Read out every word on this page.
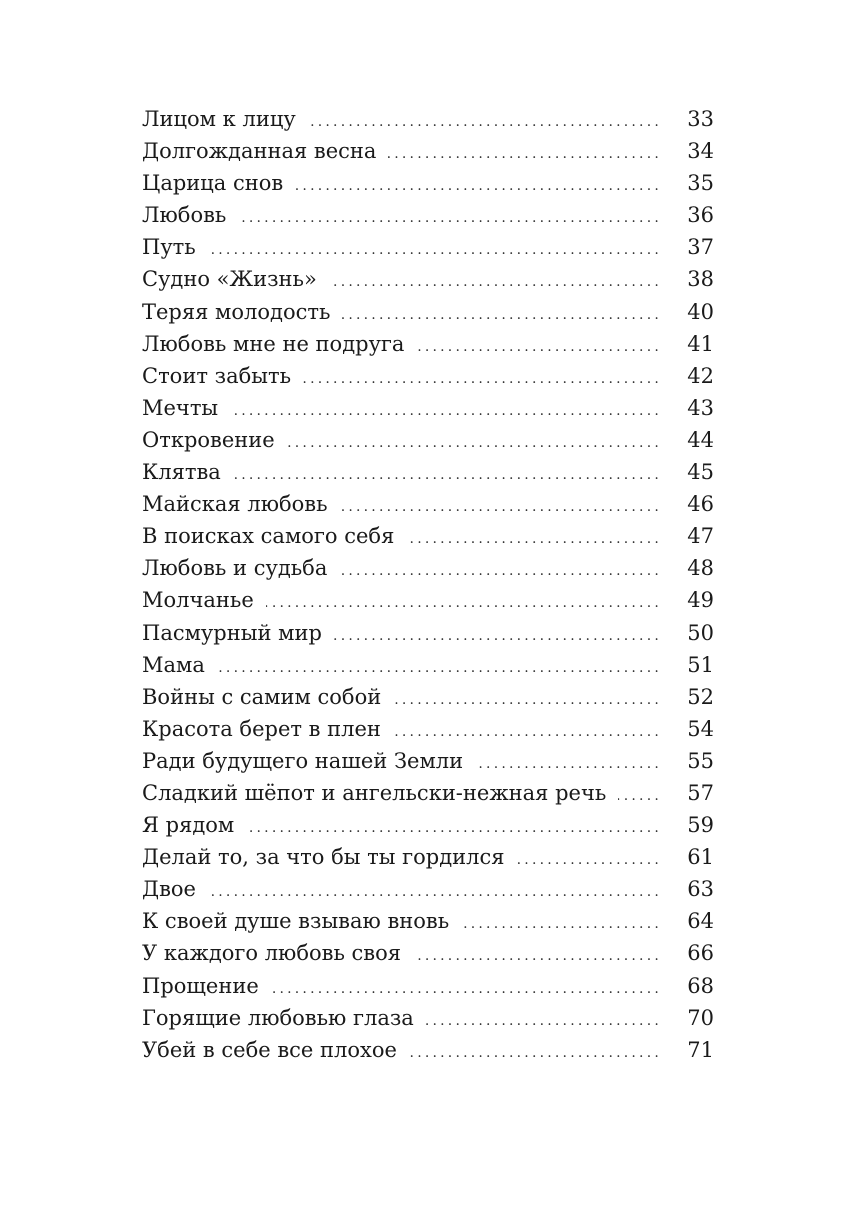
Лицом к лицу .....	33
Долгожданная весна .....	34
Царица снов .....	35
Любовь .....	36
Путь .....	37
Судно «Жизнь» .....	38
Теряя молодость .....	40
Любовь мне не подруга .....	41
Стоит забыть .....	42
Мечты .....	43
Откровение .....	44
Клятва .....	45
Майская любовь .....	46
В поисках самого себя .....	47
Любовь и судьба .....	48
Молчанье .....	49
Пасмурный мир .....	50
Мама .....	51
Войны с самим собой .....	52
Красота берет в плен .....	54
Ради будущего нашей Земли .....	55
Сладкий шёпот и ангельски-нежная речь .....	57
Я рядом .....	59
Делай то, за что бы ты гордился .....	61
Двое .....	63
К своей душе взываю вновь .....	64
У каждого любовь своя .....	66
Прощение .....	68
Горящие любовью глаза .....	70
Убей в себе все плохое .....	71
